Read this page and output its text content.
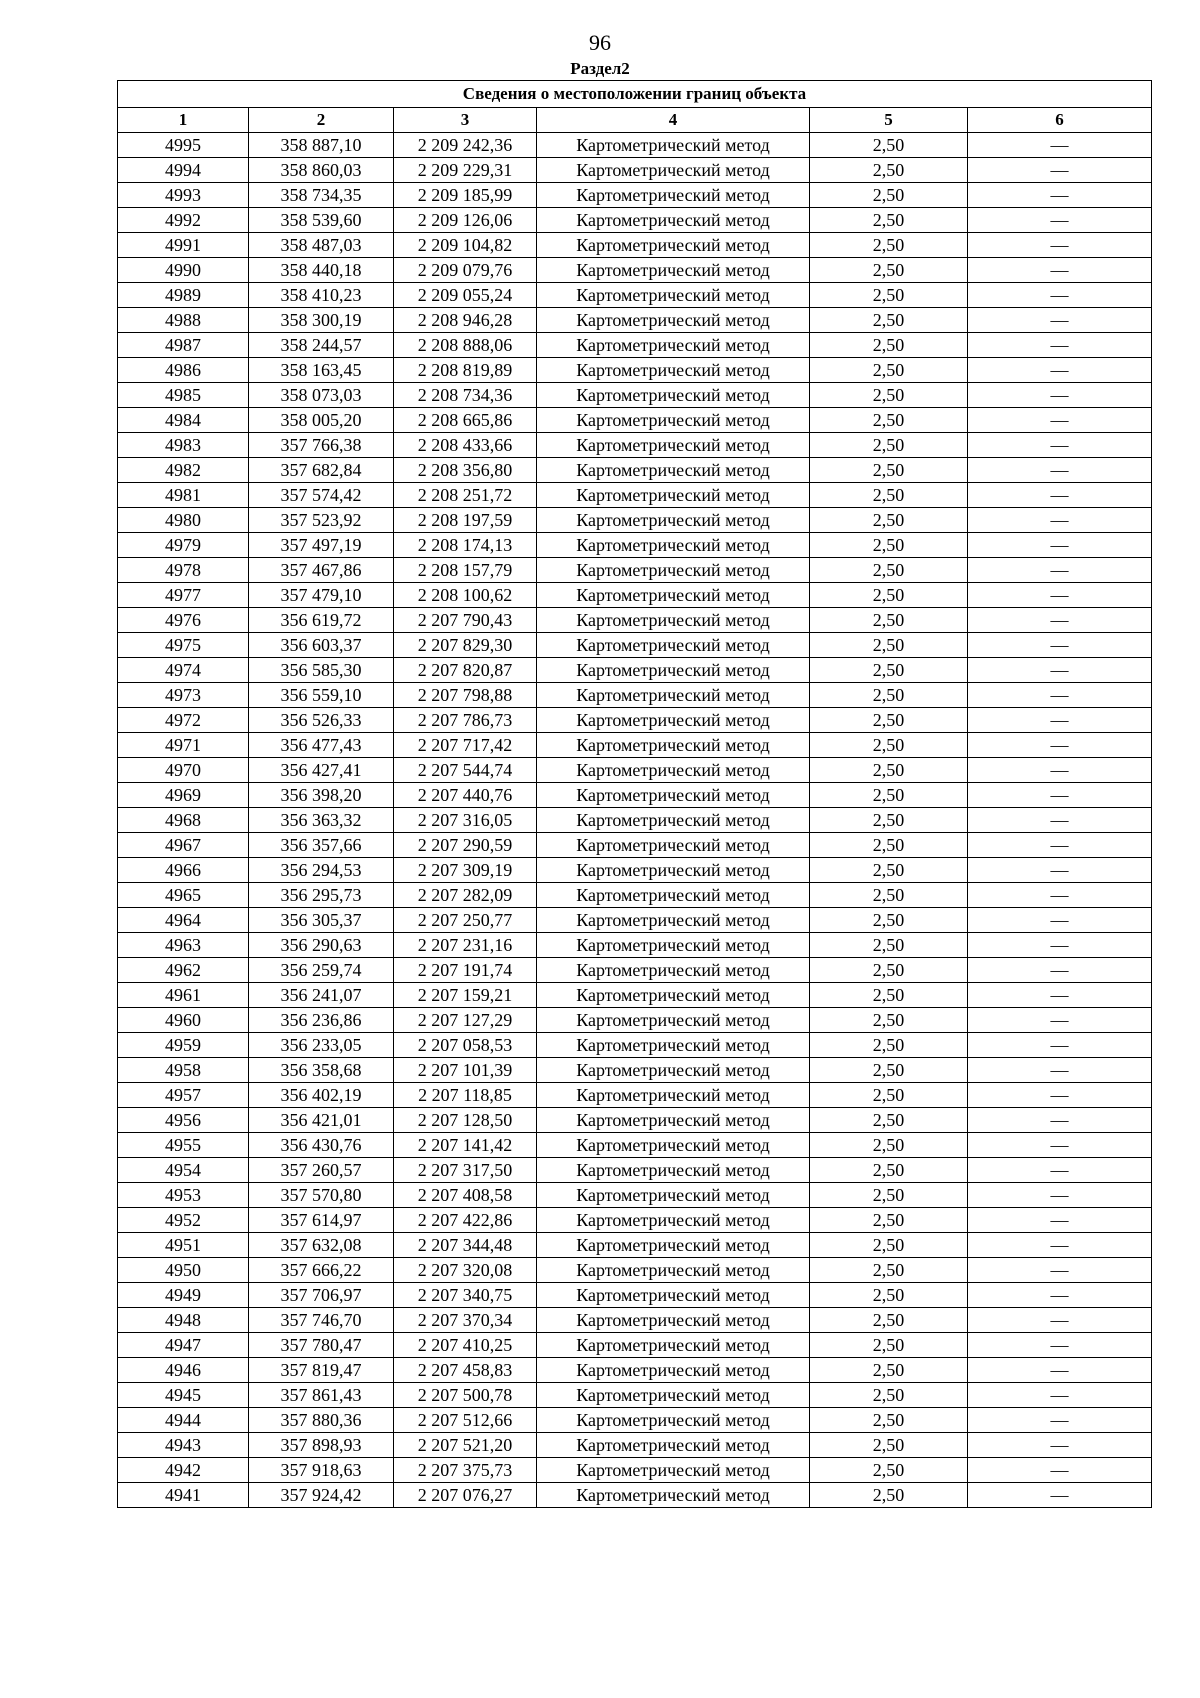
96
Раздел2
Сведения о местоположении границ объекта					
1	2	3	4	5	6
4995	358 887,10	2 209 242,36	Картометрический метод	2,50	—
4994	358 860,03	2 209 229,31	Картометрический метод	2,50	—
4993	358 734,35	2 209 185,99	Картометрический метод	2,50	—
4992	358 539,60	2 209 126,06	Картометрический метод	2,50	—
4991	358 487,03	2 209 104,82	Картометрический метод	2,50	—
4990	358 440,18	2 209 079,76	Картометрический метод	2,50	—
4989	358 410,23	2 209 055,24	Картометрический метод	2,50	—
4988	358 300,19	2 208 946,28	Картометрический метод	2,50	—
4987	358 244,57	2 208 888,06	Картометрический метод	2,50	—
4986	358 163,45	2 208 819,89	Картометрический метод	2,50	—
4985	358 073,03	2 208 734,36	Картометрический метод	2,50	—
4984	358 005,20	2 208 665,86	Картометрический метод	2,50	—
4983	357 766,38	2 208 433,66	Картометрический метод	2,50	—
4982	357 682,84	2 208 356,80	Картометрический метод	2,50	—
4981	357 574,42	2 208 251,72	Картометрический метод	2,50	—
4980	357 523,92	2 208 197,59	Картометрический метод	2,50	—
4979	357 497,19	2 208 174,13	Картометрический метод	2,50	—
4978	357 467,86	2 208 157,79	Картометрический метод	2,50	—
4977	357 479,10	2 208 100,62	Картометрический метод	2,50	—
4976	356 619,72	2 207 790,43	Картометрический метод	2,50	—
4975	356 603,37	2 207 829,30	Картометрический метод	2,50	—
4974	356 585,30	2 207 820,87	Картометрический метод	2,50	—
4973	356 559,10	2 207 798,88	Картометрический метод	2,50	—
4972	356 526,33	2 207 786,73	Картометрический метод	2,50	—
4971	356 477,43	2 207 717,42	Картометрический метод	2,50	—
4970	356 427,41	2 207 544,74	Картометрический метод	2,50	—
4969	356 398,20	2 207 440,76	Картометрический метод	2,50	—
4968	356 363,32	2 207 316,05	Картометрический метод	2,50	—
4967	356 357,66	2 207 290,59	Картометрический метод	2,50	—
4966	356 294,53	2 207 309,19	Картометрический метод	2,50	—
4965	356 295,73	2 207 282,09	Картометрический метод	2,50	—
4964	356 305,37	2 207 250,77	Картометрический метод	2,50	—
4963	356 290,63	2 207 231,16	Картометрический метод	2,50	—
4962	356 259,74	2 207 191,74	Картометрический метод	2,50	—
4961	356 241,07	2 207 159,21	Картометрический метод	2,50	—
4960	356 236,86	2 207 127,29	Картометрический метод	2,50	—
4959	356 233,05	2 207 058,53	Картометрический метод	2,50	—
4958	356 358,68	2 207 101,39	Картометрический метод	2,50	—
4957	356 402,19	2 207 118,85	Картометрический метод	2,50	—
4956	356 421,01	2 207 128,50	Картометрический метод	2,50	—
4955	356 430,76	2 207 141,42	Картометрический метод	2,50	—
4954	357 260,57	2 207 317,50	Картометрический метод	2,50	—
4953	357 570,80	2 207 408,58	Картометрический метод	2,50	—
4952	357 614,97	2 207 422,86	Картометрический метод	2,50	—
4951	357 632,08	2 207 344,48	Картометрический метод	2,50	—
4950	357 666,22	2 207 320,08	Картометрический метод	2,50	—
4949	357 706,97	2 207 340,75	Картометрический метод	2,50	—
4948	357 746,70	2 207 370,34	Картометрический метод	2,50	—
4947	357 780,47	2 207 410,25	Картометрический метод	2,50	—
4946	357 819,47	2 207 458,83	Картометрический метод	2,50	—
4945	357 861,43	2 207 500,78	Картометрический метод	2,50	—
4944	357 880,36	2 207 512,66	Картометрический метод	2,50	—
4943	357 898,93	2 207 521,20	Картометрический метод	2,50	—
4942	357 918,63	2 207 375,73	Картометрический метод	2,50	—
4941	357 924,42	2 207 076,27	Картометрический метод	2,50	—
